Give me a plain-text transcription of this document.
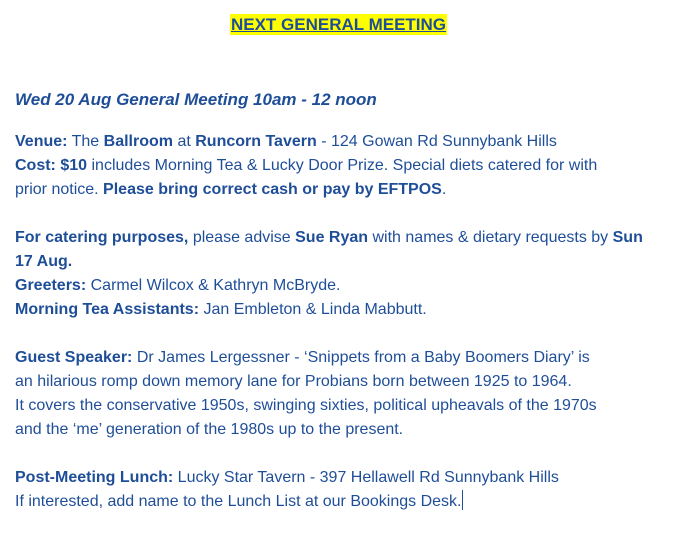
NEXT GENERAL MEETING
Wed 20 Aug General Meeting 10am - 12 noon
Venue: The Ballroom at Runcorn Tavern - 124 Gowan Rd Sunnybank Hills
Cost: $10 includes Morning Tea & Lucky Door Prize. Special diets catered for with
prior notice. Please bring correct cash or pay by EFTPOS.
For catering purposes, please advise Sue Ryan with names & dietary requests by Sun
17 Aug.
Greeters: Carmel Wilcox & Kathryn McBryde.
Morning Tea Assistants: Jan Embleton & Linda Mabbutt.
Guest Speaker: Dr James Lergessner - ‘Snippets from a Baby Boomers Diary’ is
an hilarious romp down memory lane for Probians born between 1925 to 1964.
It covers the conservative 1950s, swinging sixties, political upheavals of the 1970s
and the ‘me’ generation of the 1980s up to the present.
Post-Meeting Lunch: Lucky Star Tavern - 397 Hellawell Rd Sunnybank Hills
If interested, add name to the Lunch List at our Bookings Desk.
